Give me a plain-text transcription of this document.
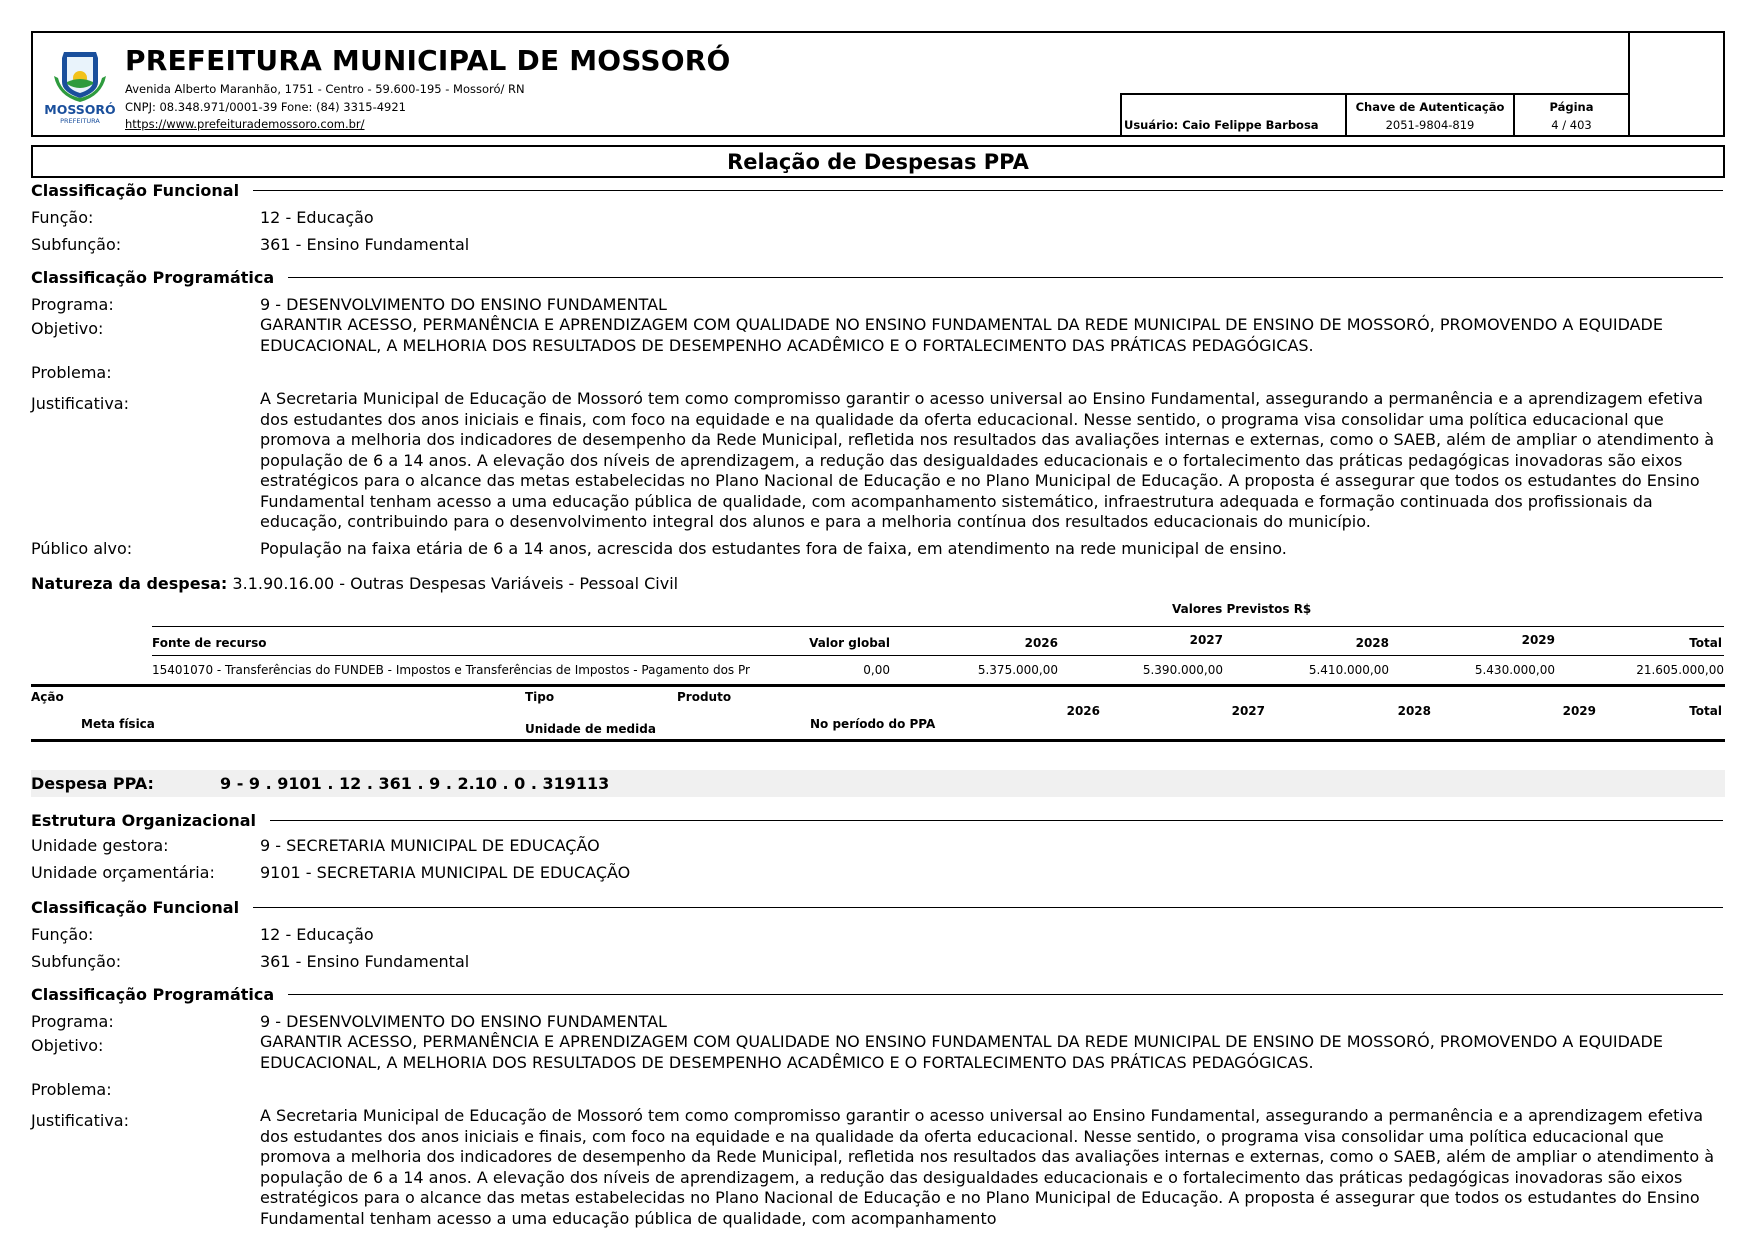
MOSSORÓ
PREFEITURA
PREFEITURA MUNICIPAL DE MOSSORÓ
Avenida Alberto Maranhão, 1751 - Centro - 59.600-195 - Mossoró/ RN
CNPJ: 08.348.971/0001-39 Fone: (84) 3315-4921
https://www.prefeiturademossoro.com.br/	Usuário: Caio Felippe Barbosa
Chave de Autenticação
2051-9804-819
Página
4 / 403
Relação de Despesas PPA
Classificação Funcional
Função:	12 - Educação
Subfunção:	361 - Ensino Fundamental
Classificação Programática
Programa:	9 - DESENVOLVIMENTO DO ENSINO FUNDAMENTAL
Objetivo:	GARANTIR ACESSO, PERMANÊNCIA E APRENDIZAGEM COM QUALIDADE NO ENSINO FUNDAMENTAL DA REDE MUNICIPAL DE ENSINO DE MOSSORÓ, PROMOVENDO A EQUIDADE EDUCACIONAL, A MELHORIA DOS RESULTADOS DE DESEMPENHO ACADÊMICO E O FORTALECIMENTO DAS PRÁTICAS PEDAGÓGICAS.
Problema:
Justificativa:	A Secretaria Municipal de Educação de Mossoró tem como compromisso garantir o acesso universal ao Ensino Fundamental, assegurando a permanência e a aprendizagem efetiva dos estudantes dos anos iniciais e finais, com foco na equidade e na qualidade da oferta educacional. Nesse sentido, o programa visa consolidar uma política educacional que promova a melhoria dos indicadores de desempenho da Rede Municipal, refletida nos resultados das avaliações internas e externas, como o SAEB, além de ampliar o atendimento à população de 6 a 14 anos. A elevação dos níveis de aprendizagem, a redução das desigualdades educacionais e o fortalecimento das práticas pedagógicas inovadoras são eixos estratégicos para o alcance das metas estabelecidas no Plano Nacional de Educação e no Plano Municipal de Educação. A proposta é assegurar que todos os estudantes do Ensino Fundamental tenham acesso a uma educação pública de qualidade, com acompanhamento sistemático, infraestrutura adequada e formação continuada dos profissionais da educação, contribuindo para o desenvolvimento integral dos alunos e para a melhoria contínua dos resultados educacionais do município.
Público alvo:	População na faixa etária de 6 a 14 anos, acrescida dos estudantes fora de faixa, em atendimento na rede municipal de ensino.
Natureza da despesa: 3.1.90.16.00 - Outras Despesas Variáveis - Pessoal Civil
Valores Previstos R$
Fonte de recurso	Valor global	2026	2027	2028	2029	Total
15401070 - Transferências do FUNDEB - Impostos e Transferências de Impostos - Pagamento dos Pr	0,00	5.375.000,00	5.390.000,00	5.410.000,00	5.430.000,00	21.605.000,00
Ação	Tipo	Produto
Meta física	Unidade de medida	No período do PPA
2026	2027	2028	2029	Total
Despesa PPA:	9 - 9 . 9101 . 12 . 361 . 9 . 2.10 . 0 . 319113
Estrutura Organizacional
Unidade gestora:	9 - SECRETARIA MUNICIPAL DE EDUCAÇÃO
Unidade orçamentária:	9101 - SECRETARIA MUNICIPAL DE EDUCAÇÃO
Classificação Funcional
Função:	12 - Educação
Subfunção:	361 - Ensino Fundamental
Classificação Programática
Programa:	9 - DESENVOLVIMENTO DO ENSINO FUNDAMENTAL
Objetivo:	GARANTIR ACESSO, PERMANÊNCIA E APRENDIZAGEM COM QUALIDADE NO ENSINO FUNDAMENTAL DA REDE MUNICIPAL DE ENSINO DE MOSSORÓ, PROMOVENDO A EQUIDADE EDUCACIONAL, A MELHORIA DOS RESULTADOS DE DESEMPENHO ACADÊMICO E O FORTALECIMENTO DAS PRÁTICAS PEDAGÓGICAS.
Problema:
Justificativa:	A Secretaria Municipal de Educação de Mossoró tem como compromisso garantir o acesso universal ao Ensino Fundamental, assegurando a permanência e a aprendizagem efetiva dos estudantes dos anos iniciais e finais, com foco na equidade e na qualidade da oferta educacional. Nesse sentido, o programa visa consolidar uma política educacional que promova a melhoria dos indicadores de desempenho da Rede Municipal, refletida nos resultados das avaliações internas e externas, como o SAEB, além de ampliar o atendimento à população de 6 a 14 anos. A elevação dos níveis de aprendizagem, a redução das desigualdades educacionais e o fortalecimento das práticas pedagógicas inovadoras são eixos estratégicos para o alcance das metas estabelecidas no Plano Nacional de Educação e no Plano Municipal de Educação. A proposta é assegurar que todos os estudantes do Ensino Fundamental tenham acesso a uma educação pública de qualidade, com acompanhamento
